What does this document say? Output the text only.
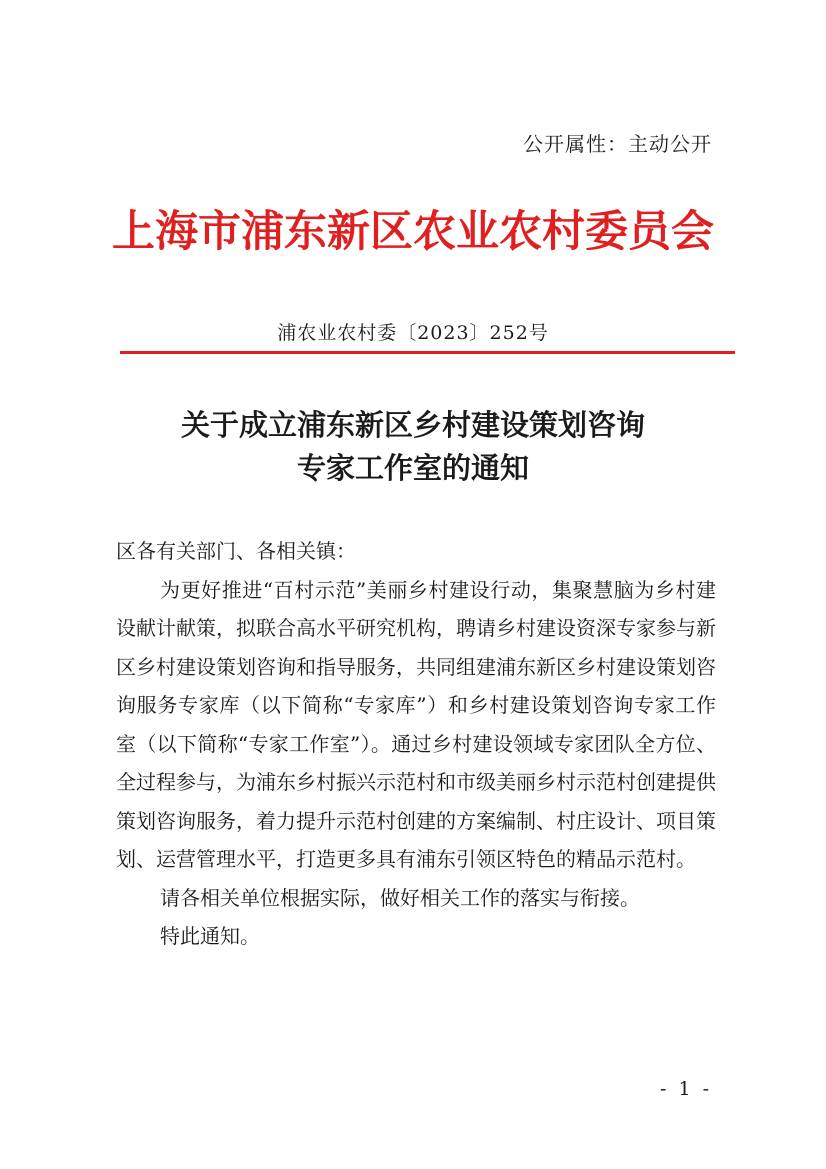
公开属性：主动公开
上海市浦东新区农业农村委员会
浦农业农村委〔2023〕252号
关于成立浦东新区乡村建设策划咨询
专家工作室的通知

区各有关部门、各相关镇：

为更好推进“百村示范”美丽乡村建设行动，集聚慧脑为乡村建设献计献策，拟联合高水平研究机构，聘请乡村建设资深专家参与新区乡村建设策划咨询和指导服务，共同组建浦东新区乡村建设策划咨询服务专家库（以下简称“专家库”）和乡村建设策划咨询专家工作室（以下简称“专家工作室”）。通过乡村建设领域专家团队全方位、全过程参与，为浦东乡村振兴示范村和市级美丽乡村示范村创建提供策划咨询服务，着力提升示范村创建的方案编制、村庄设计、项目策划、运营管理水平，打造更多具有浦东引领区特色的精品示范村。

请各相关单位根据实际，做好相关工作的落实与衔接。

特此通知。

- 1 -
